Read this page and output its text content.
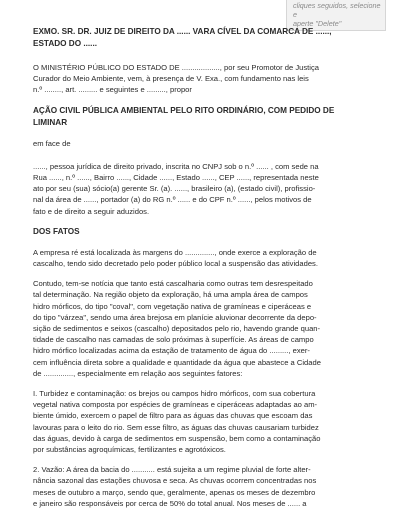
cliques seguidos, selecione e
aperte "Delete"

EXMO. SR. DR. JUIZ DE DIREITO DA ...... VARA CÍVEL DA COMARCA DE ......,

ESTADO DO ......

O MINISTÉRIO PÚBLICO DO ESTADO DE .................., por seu Promotor de Justiça

Curador do Meio Ambiente, vem, à presença de V. Exa., com fundamento nas leis

n.º ........, art. ......... e seguintes e ........., propor

AÇÃO CIVIL PÚBLICA AMBIENTAL PELO RITO ORDINÁRIO, COM PEDIDO DE

LIMINAR

em face de

......, pessoa jurídica de direito privado, inscrita no CNPJ sob o n.º ...... , com sede na

Rua ......, n.º ......, Bairro ......, Cidade ......, Estado ......, CEP ......, representada neste

ato por seu (sua) sócio(a) gerente Sr. (a). ......, brasileiro (a), (estado civil), profissio-

nal da área de ......, portador (a) do RG n.º ...... e do CPF n.º ......, pelos motivos de

fato e de direito a seguir aduzidos.

DOS FATOS

A empresa ré está localizada às margens do .............., onde exerce a exploração de

cascalho, tendo sido decretado pelo poder público local a suspensão das atividades.

Contudo, tem-se notícia que tanto está cascalharia como outras tem desrespeitado

tal determinação. Na região objeto da exploração, há uma ampla área de campos

hidro mórficos, do tipo "coval", com vegetação nativa de gramíneas e ciperáceas e

do tipo "várzea", sendo uma área brejosa em planície aluvionar decorrente da depo-

sição de sedimentos e seixos (cascalho) depositados pelo rio, havendo grande quan-

tidade de cascalho nas camadas de solo próximas à superfície. As áreas de campo

hidro mórfico localizadas acima da estação de tratamento de água do ........., exer-

cem influência direta sobre a qualidade e quantidade da água que abastece a Cidade

de .............., especialmente em relação aos seguintes fatores:

I. Turbidez e contaminação: os brejos ou campos hidro mórficos, com sua cobertura

vegetal nativa composta por espécies de gramíneas e ciperáceas adaptadas ao am-

biente úmido, exercem o papel de filtro para as águas das chuvas que escoam das

lavouras para o leito do rio. Sem esse filtro, as águas das chuvas causariam turbidez

das águas, devido à carga de sedimentos em suspensão, bem como a contaminação

por substâncias agroquímicas, fertilizantes e agrotóxicos.

2. Vazão: A área da bacia do ........... está sujeita a um regime pluvial de forte alter-

nância sazonal das estações chuvosa e seca. As chuvas ocorrem concentradas nos

meses de outubro a março, sendo que, geralmente, apenas os meses de dezembro

e janeiro são responsáveis por cerca de 50% do total anual. Nos meses de ...... a
